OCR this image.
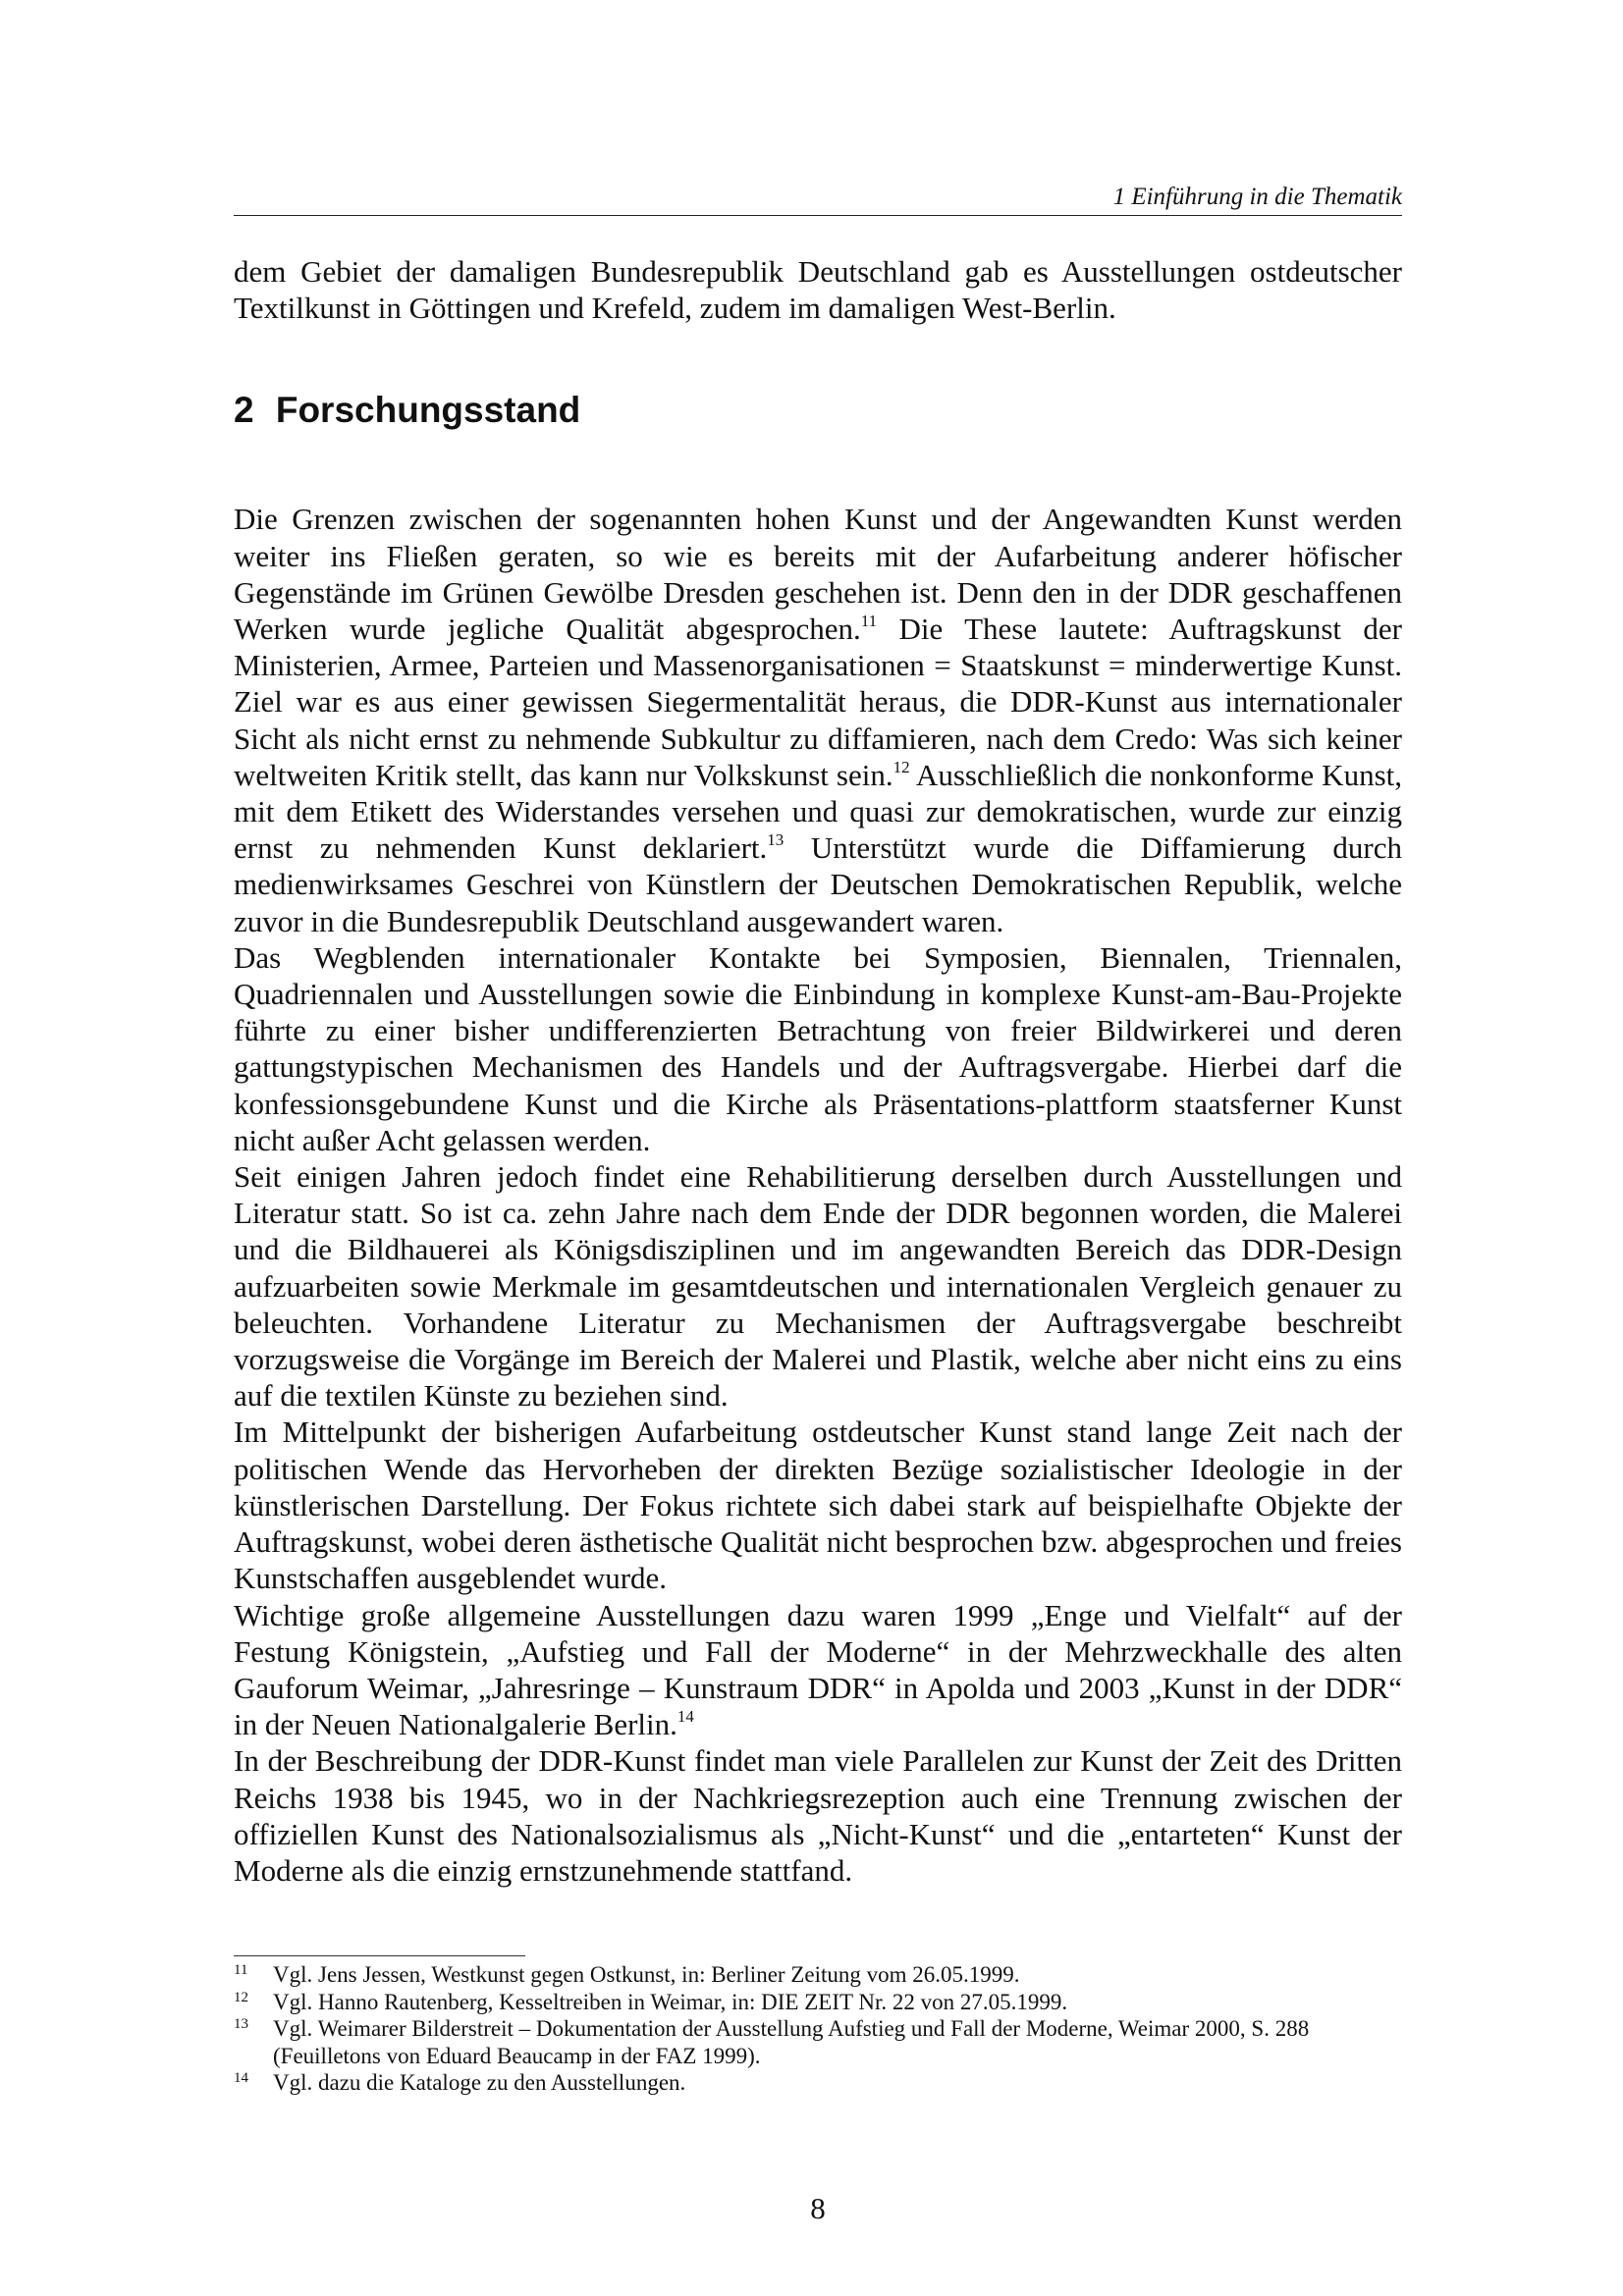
1 Einführung in die Thematik

dem Gebiet der damaligen Bundesrepublik Deutschland gab es Ausstellungen ostdeutscher Textilkunst in Göttingen und Krefeld, zudem im damaligen West-Berlin.

2 Forschungsstand

Die Grenzen zwischen der sogenannten hohen Kunst und der Angewandten Kunst werden weiter ins Fließen geraten, so wie es bereits mit der Aufarbeitung anderer höfischer Gegenstände im Grünen Gewölbe Dresden geschehen ist. Denn den in der DDR geschaffenen Werken wurde jegliche Qualität abgesprochen.$^{11}$ Die These lautete: Auftragskunst der Ministerien, Armee, Parteien und Massenorganisationen = Staatskunst = minderwertige Kunst. Ziel war es aus einer gewissen Siegermentalität heraus, die DDR-Kunst aus internationaler Sicht als nicht ernst zu nehmende Subkultur zu diffamieren, nach dem Credo: Was sich keiner weltweiten Kritik stellt, das kann nur Volkskunst sein.$^{12}$ Ausschließlich die nonkonforme Kunst, mit dem Etikett des Widerstandes versehen und quasi zur demokratischen, wurde zur einzig ernst zu nehmenden Kunst deklariert.$^{13}$ Unterstützt wurde die Diffamierung durch medienwirksames Geschrei von Künstlern der Deutschen Demokratischen Republik, welche zuvor in die Bundesrepublik Deutschland ausgewandert waren.

Das Wegblenden internationaler Kontakte bei Symposien, Biennalen, Triennalen, Quadriennalen und Ausstellungen sowie die Einbindung in komplexe Kunst-am-Bau-Projekte führte zu einer bisher undifferenzierten Betrachtung von freier Bildwirkerei und deren gattungstypischen Mechanismen des Handels und der Auftragsvergabe. Hierbei darf die konfessionsgebundene Kunst und die Kirche als Präsentations-plattform staatsferner Kunst nicht außer Acht gelassen werden.

Seit einigen Jahren jedoch findet eine Rehabilitierung derselben durch Ausstellungen und Literatur statt. So ist ca. zehn Jahre nach dem Ende der DDR begonnen worden, die Malerei und die Bildhauerei als Königsdisziplinen und im angewandten Bereich das DDR-Design aufzuarbeiten sowie Merkmale im gesamtdeutschen und internationalen Vergleich genauer zu beleuchten. Vorhandene Literatur zu Mechanismen der Auftragsvergabe beschreibt vorzugsweise die Vorgänge im Bereich der Malerei und Plastik, welche aber nicht eins zu eins auf die textilen Künste zu beziehen sind.

Im Mittelpunkt der bisherigen Aufarbeitung ostdeutscher Kunst stand lange Zeit nach der politischen Wende das Hervorheben der direkten Bezüge sozialistischer Ideologie in der künstlerischen Darstellung. Der Fokus richtete sich dabei stark auf beispielhafte Objekte der Auftragskunst, wobei deren ästhetische Qualität nicht besprochen bzw. abgesprochen und freies Kunstschaffen ausgeblendet wurde.

Wichtige große allgemeine Ausstellungen dazu waren 1999 „Enge und Vielfalt“ auf der Festung Königstein, „Aufstieg und Fall der Moderne“ in der Mehrzweckhalle des alten Gauforum Weimar, „Jahresringe – Kunstraum DDR“ in Apolda und 2003 „Kunst in der DDR“ in der Neuen Nationalgalerie Berlin.$^{14}$

In der Beschreibung der DDR-Kunst findet man viele Parallelen zur Kunst der Zeit des Dritten Reichs 1938 bis 1945, wo in der Nachkriegsrezeption auch eine Trennung zwischen der offiziellen Kunst des Nationalsozialismus als „Nicht-Kunst“ und die „entarteten“ Kunst der Moderne als die einzig ernstzunehmende stattfand.

11	Vgl. Jens Jessen, Westkunst gegen Ostkunst, in: Berliner Zeitung vom 26.05.1999.
12	Vgl. Hanno Rautenberg, Kesseltreiben in Weimar, in: DIE ZEIT Nr. 22 von 27.05.1999.
13	Vgl. Weimarer Bilderstreit – Dokumentation der Ausstellung Aufstieg und Fall der Moderne, Weimar 2000, S. 288 (Feuilletons von Eduard Beaucamp in der FAZ 1999).
14	Vgl. dazu die Kataloge zu den Ausstellungen.
8
